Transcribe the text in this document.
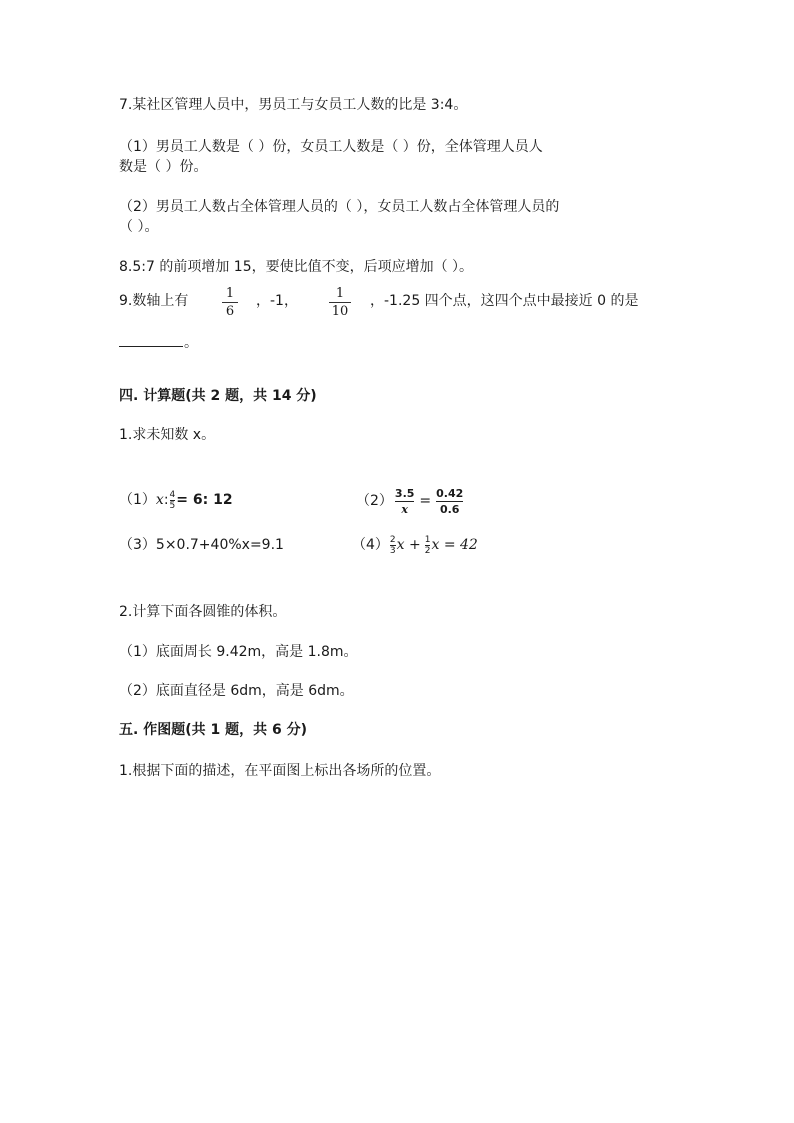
7.某社区管理人员中，男员工与女员工人数的比是 3:4。
（1）男员工人数是（ ）份，女员工人数是（ ）份，全体管理人员人
数是（ ）份。
（2）男员工人数占全体管理人员的（ ），女员工人数占全体管理人员的
（ ）。
8.5:7 的前项增加 15，要使比值不变，后项应增加（ ）。
9.数轴上有	1
6
，-1，	1
10
，-1.25 四个点，这四个点中最接近 0 的是
。
四. 计算题(共 2 题，共 14 分)
1.求未知数 x。
（1） x : 4
5 = 6: 12	（2） 3.5
x = 0.42
0.6
（3）5×0.7+40%x=9.1	（4） 2
3 x + 1
2 x = 42
2.计算下面各圆锥的体积。
（1）底面周长 9.42m，高是 1.8m。
（2）底面直径是 6dm，高是 6dm。
五. 作图题(共 1 题，共 6 分)
1.根据下面的描述，在平面图上标出各场所的位置。
